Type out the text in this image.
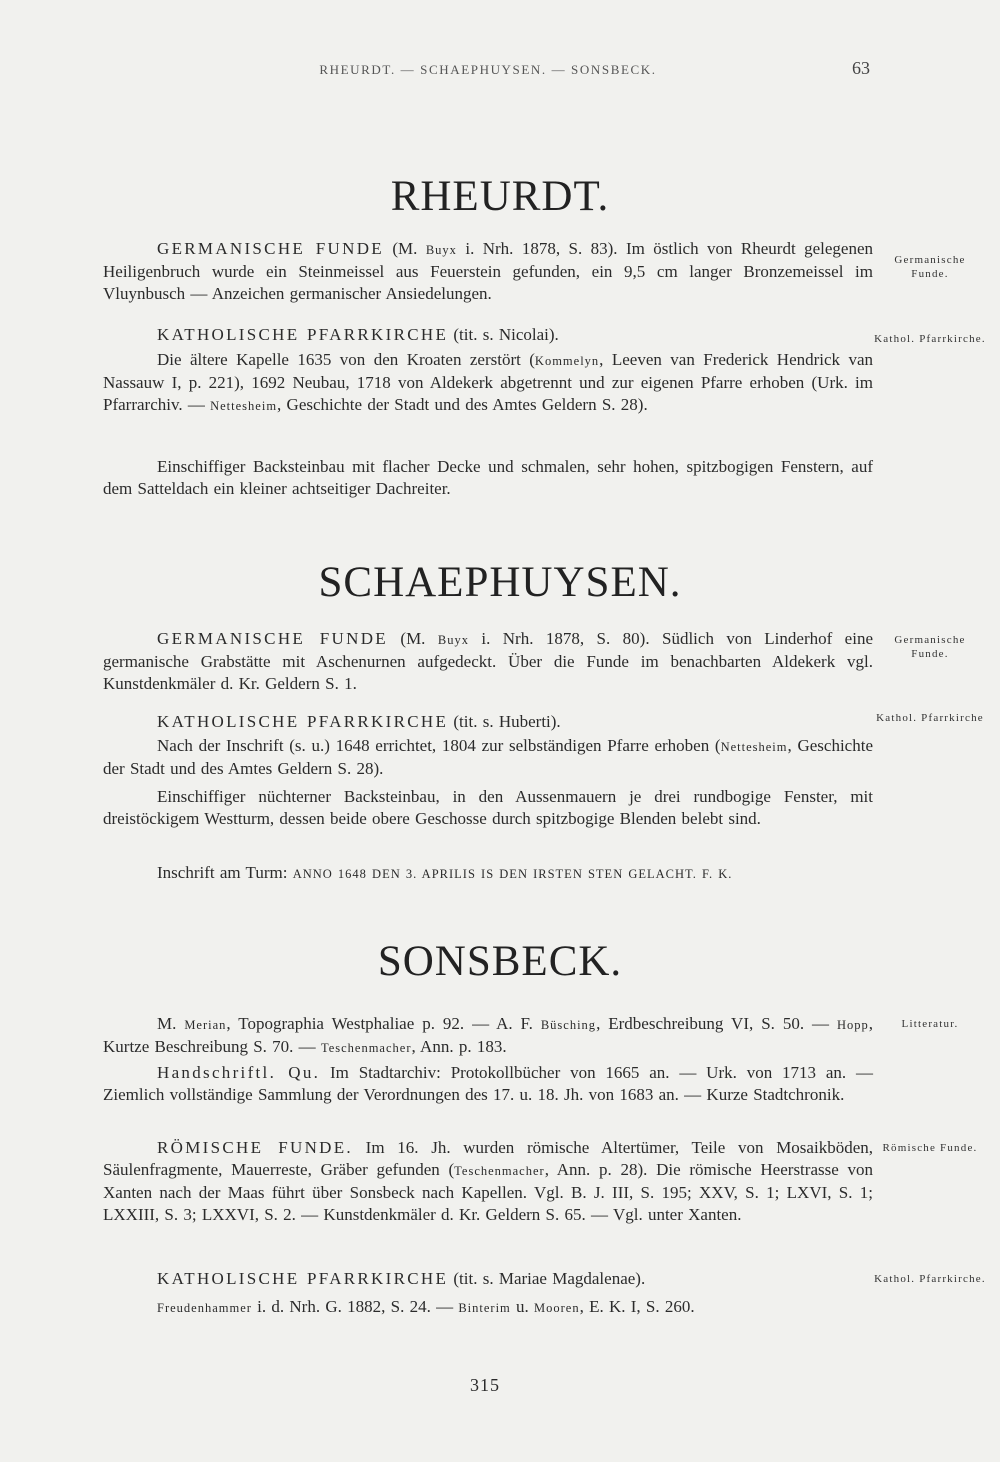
RHEURDT. — SCHAEPHUYSEN. — SONSBECK.	63
RHEURDT.

GERMANISCHE FUNDE (M. Buyx i. Nrh. 1878, S. 83). Im östlich von Rheurdt gelegenen Heiligenbruch wurde ein Steinmeissel aus Feuerstein gefunden, ein 9,5 cm langer Bronzemeissel im Vluynbusch — Anzeichen germanischer Ansiedelungen.

KATHOLISCHE PFARRKIRCHE (tit. s. Nicolai).

Die ältere Kapelle 1635 von den Kroaten zerstört (Kommelyn, Leeven van Frederick Hendrick van Nassauw I, p. 221), 1692 Neubau, 1718 von Aldekerk abgetrennt und zur eigenen Pfarre erhoben (Urk. im Pfarrarchiv. — Nettesheim, Geschichte der Stadt und des Amtes Geldern S. 28).

Einschiffiger Backsteinbau mit flacher Decke und schmalen, sehr hohen, spitzbogigen Fenstern, auf dem Satteldach ein kleiner achtseitiger Dachreiter.

Germanische Funde.
Kathol. Pfarrkirche.
SCHAEPHUYSEN.

GERMANISCHE FUNDE (M. Buyx i. Nrh. 1878, S. 80). Südlich von Linderhof eine germanische Grabstätte mit Aschenurnen aufgedeckt. Über die Funde im benachbarten Aldekerk vgl. Kunstdenkmäler d. Kr. Geldern S. 1.

KATHOLISCHE PFARRKIRCHE (tit. s. Huberti).

Nach der Inschrift (s. u.) 1648 errichtet, 1804 zur selbständigen Pfarre erhoben (Nettesheim, Geschichte der Stadt und des Amtes Geldern S. 28).

Einschiffiger nüchterner Backsteinbau, in den Aussenmauern je drei rundbogige Fenster, mit dreistöckigem Westturm, dessen beide obere Geschosse durch spitzbogige Blenden belebt sind.

Inschrift am Turm: ANNO 1648 DEN 3. APRILIS IS DEN IRSTEN STEN GELACHT. F. K.

Germanische Funde.
Kathol. Pfarrkirche
SONSBECK.

M. Merian, Topographia Westphaliae p. 92. — A. F. Büsching, Erdbeschreibung VI, S. 50. — Hopp, Kurtze Beschreibung S. 70. — Teschenmacher, Ann. p. 183.

Handschriftl. Qu. Im Stadtarchiv: Protokollbücher von 1665 an. — Urk. von 1713 an. — Ziemlich vollständige Sammlung der Verordnungen des 17. u. 18. Jh. von 1683 an. — Kurze Stadtchronik.

RÖMISCHE FUNDE. Im 16. Jh. wurden römische Altertümer, Teile von Mosaikböden, Säulenfragmente, Mauerreste, Gräber gefunden (Teschenmacher, Ann. p. 28). Die römische Heerstrasse von Xanten nach der Maas führt über Sonsbeck nach Kapellen. Vgl. B. J. III, S. 195; XXV, S. 1; LXVI, S. 1; LXXIII, S. 3; LXXVI, S. 2. — Kunstdenkmäler d. Kr. Geldern S. 65. — Vgl. unter Xanten.

KATHOLISCHE PFARRKIRCHE (tit. s. Mariae Magdalenae).

Freudenhammer i. d. Nrh. G. 1882, S. 24. — Binterim u. Mooren, E. K. I, S. 260.

Litteratur.
Römische Funde.
Kathol. Pfarrkirche.
315
